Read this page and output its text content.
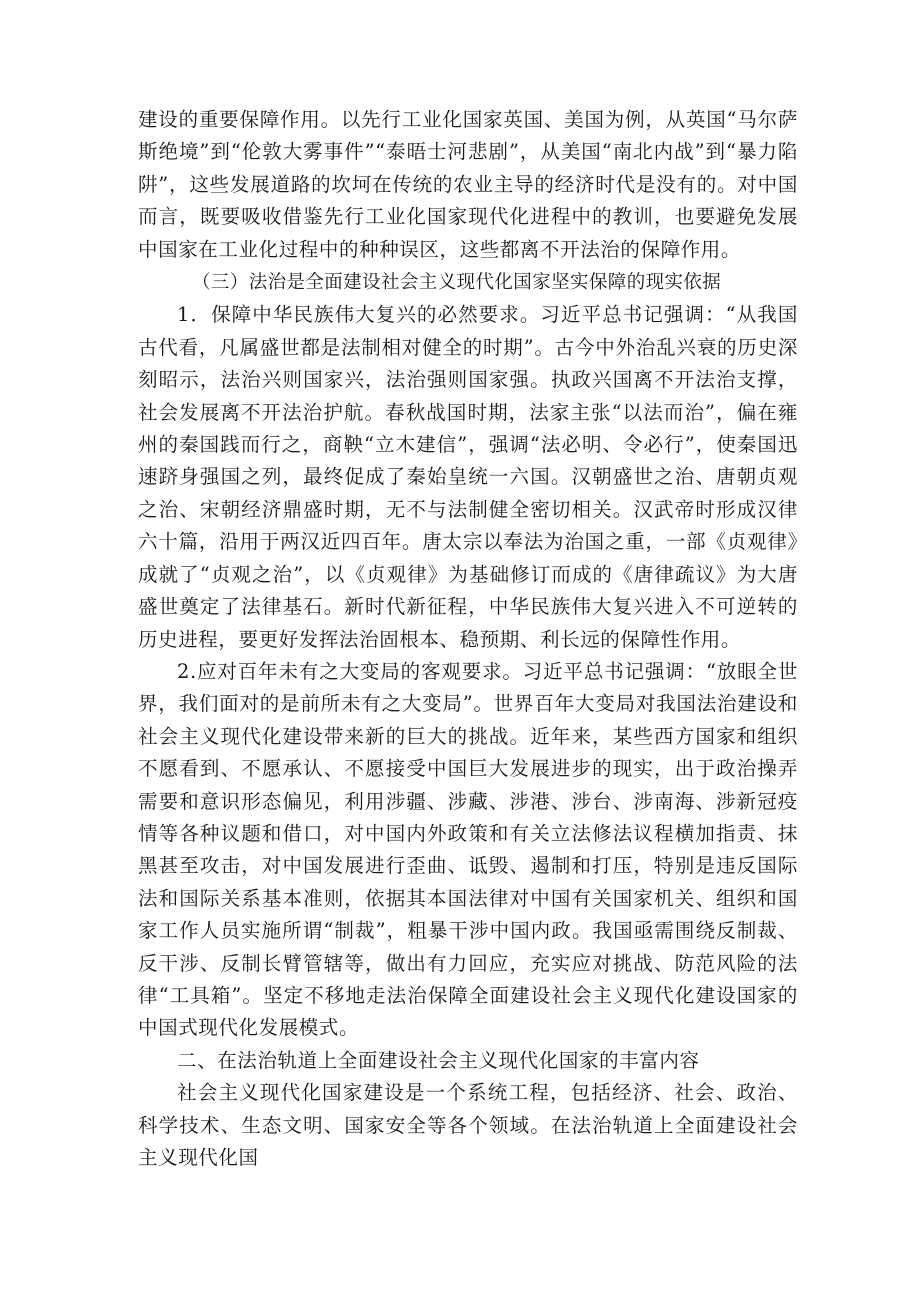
建设的重要保障作用。以先行工业化国家英国、美国为例，从英国“马尔萨斯绝境”到“伦敦大雾事件”“泰晤士河悲剧”，从美国“南北内战”到“暴力陷阱”，这些发展道路的坎坷在传统的农业主导的经济时代是没有的。对中国而言，既要吸收借鉴先行工业化国家现代化进程中的教训，也要避免发展中国家在工业化过程中的种种误区，这些都离不开法治的保障作用。

（三）法治是全面建设社会主义现代化国家坚实保障的现实依据

1．保障中华民族伟大复兴的必然要求。习近平总书记强调：“从我国古代看，凡属盛世都是法制相对健全的时期”。古今中外治乱兴衰的历史深刻昭示，法治兴则国家兴，法治强则国家强。执政兴国离不开法治支撑，社会发展离不开法治护航。春秋战国时期，法家主张“以法而治”，偏在雍州的秦国践而行之，商鞅“立木建信”，强调“法必明、令必行”，使秦国迅速跻身强国之列，最终促成了秦始皇统一六国。汉朝盛世之治、唐朝贞观之治、宋朝经济鼎盛时期，无不与法制健全密切相关。汉武帝时形成汉律六十篇，沿用于两汉近四百年。唐太宗以奉法为治国之重，一部《贞观律》成就了“贞观之治”，以《贞观律》为基础修订而成的《唐律疏议》为大唐盛世奠定了法律基石。新时代新征程，中华民族伟大复兴进入不可逆转的历史进程，要更好发挥法治固根本、稳预期、利长远的保障性作用。

2.应对百年未有之大变局的客观要求。习近平总书记强调：“放眼全世界，我们面对的是前所未有之大变局”。世界百年大变局对我国法治建设和社会主义现代化建设带来新的巨大的挑战。近年来，某些西方国家和组织不愿看到、不愿承认、不愿接受中国巨大发展进步的现实，出于政治操弄需要和意识形态偏见，利用涉疆、涉藏、涉港、涉台、涉南海、涉新冠疫情等各种议题和借口，对中国内外政策和有关立法修法议程横加指责、抹黑甚至攻击，对中国发展进行歪曲、诋毁、遏制和打压，特别是违反国际法和国际关系基本准则，依据其本国法律对中国有关国家机关、组织和国家工作人员实施所谓“制裁”，粗暴干涉中国内政。我国亟需围绕反制裁、反干涉、反制长臂管辖等，做出有力回应，充实应对挑战、防范风险的法律“工具箱”。坚定不移地走法治保障全面建设社会主义现代化建设国家的中国式现代化发展模式。

二、在法治轨道上全面建设社会主义现代化国家的丰富内容

社会主义现代化国家建设是一个系统工程，包括经济、社会、政治、科学技术、生态文明、国家安全等各个领域。在法治轨道上全面建设社会主义现代化国
